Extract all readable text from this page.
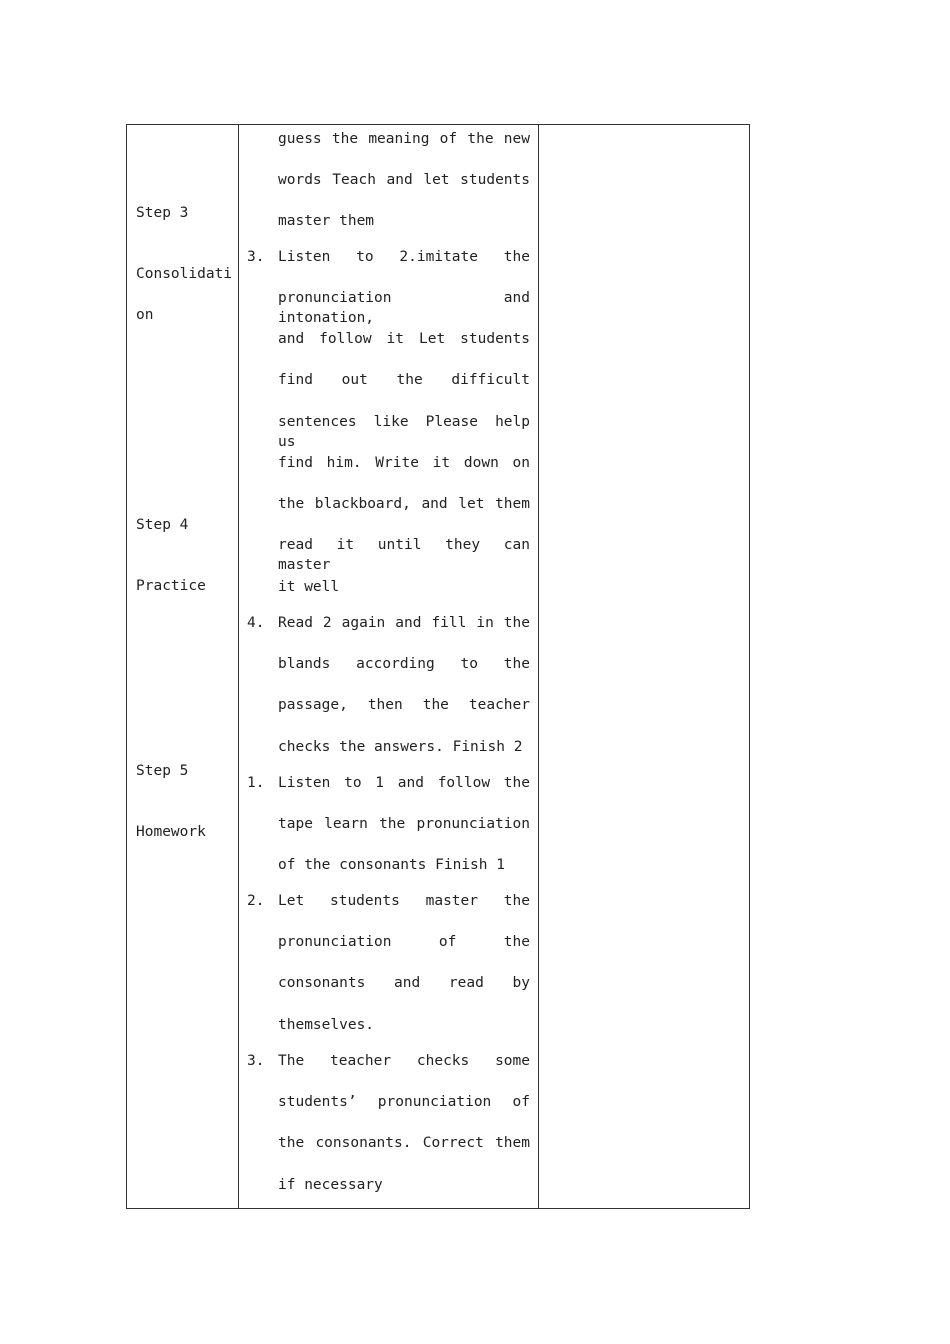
Step 3
Consolidati
on
Step 4
Practice
Step 5
Homework
guess the meaning of the new
words Teach and let students
master them
3. Listen to 2.imitate the
pronunciation and intonation,
and follow it Let students
find out the difficult
sentences like Please help us
find him. Write it down on
the blackboard, and let them
read it until they can master
it well
4. Read 2 again and fill in the
blands according to the
passage, then the teacher
checks the answers. Finish 2
1. Listen to 1 and follow the
tape learn the pronunciation
of the consonants Finish 1
2. Let students master the
pronunciation of the
consonants and read by
themselves.
3. The teacher checks some
students’ pronunciation of
the consonants. Correct them
if necessary
